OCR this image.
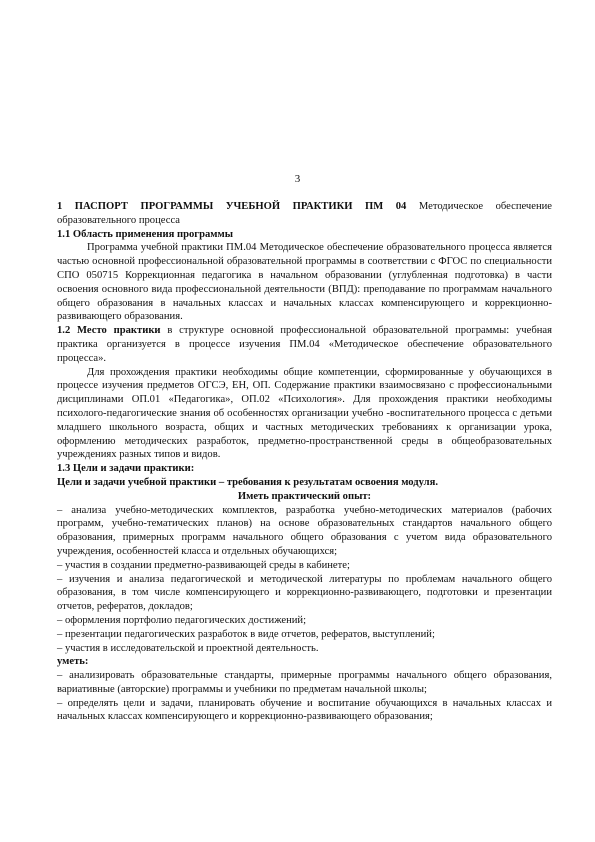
3

1 ПАСПОРТ ПРОГРАММЫ УЧЕБНОЙ ПРАКТИКИ ПМ 04 Методическое обеспечение образовательного процесса

1.1 Область применения программы

Программа учебной практики ПМ.04 Методическое обеспечение образовательного процесса является частью основной профессиональной образовательной программы в соответствии с ФГОС по специальности СПО 050715 Коррекционная педагогика в начальном образовании (углубленная подготовка) в части освоения основного вида профессиональной деятельности (ВПД): преподавание по программам начального общего образования в начальных классах и начальных классах компенсирующего и коррекционно-развивающего образования.

1.2 Место практики в структуре основной профессиональной образовательной программы: учебная практика организуется в процессе изучения ПМ.04 «Методическое обеспечение образовательного процесса».

Для прохождения практики необходимы общие компетенции, сформированные у обучающихся в процессе изучения предметов ОГСЭ, ЕН, ОП. Содержание практики взаимосвязано с профессиональными дисциплинами ОП.01 «Педагогика», ОП.02 «Психология». Для прохождения практики необходимы психолого-педагогические знания об особенностях организации учебно -воспитательного процесса с детьми младшего школьного возраста, общих и частных методических требованиях к организации урока, оформлению методических разработок, предметно-пространственной среды в общеобразовательных учреждениях разных типов и видов.

1.3 Цели и задачи практики:

Цели и задачи учебной практики – требования к результатам освоения модуля.

Иметь практический опыт:

– анализа учебно-методических комплектов, разработка учебно-методических материалов (рабочих программ, учебно-тематических планов) на основе образовательных стандартов начального общего образования, примерных программ начального общего образования с учетом вида образовательного учреждения, особенностей класса и отдельных обучающихся;

– участия в создании предметно-развивающей среды в кабинете;

– изучения и анализа педагогической и методической литературы по проблемам начального общего образования, в том числе компенсирующего и коррекционно-развивающего, подготовки и презентации отчетов, рефератов, докладов;

– оформления портфолио педагогических достижений;

– презентации педагогических разработок в виде отчетов, рефератов, выступлений;

– участия в исследовательской и проектной деятельность.

уметь:

– анализировать образовательные стандарты, примерные программы начального общего образования, вариативные (авторские) программы и учебники по предметам начальной школы;

– определять цели и задачи, планировать обучение и воспитание обучающихся в начальных классах и начальных классах компенсирующего и коррекционно-развивающего образования;
